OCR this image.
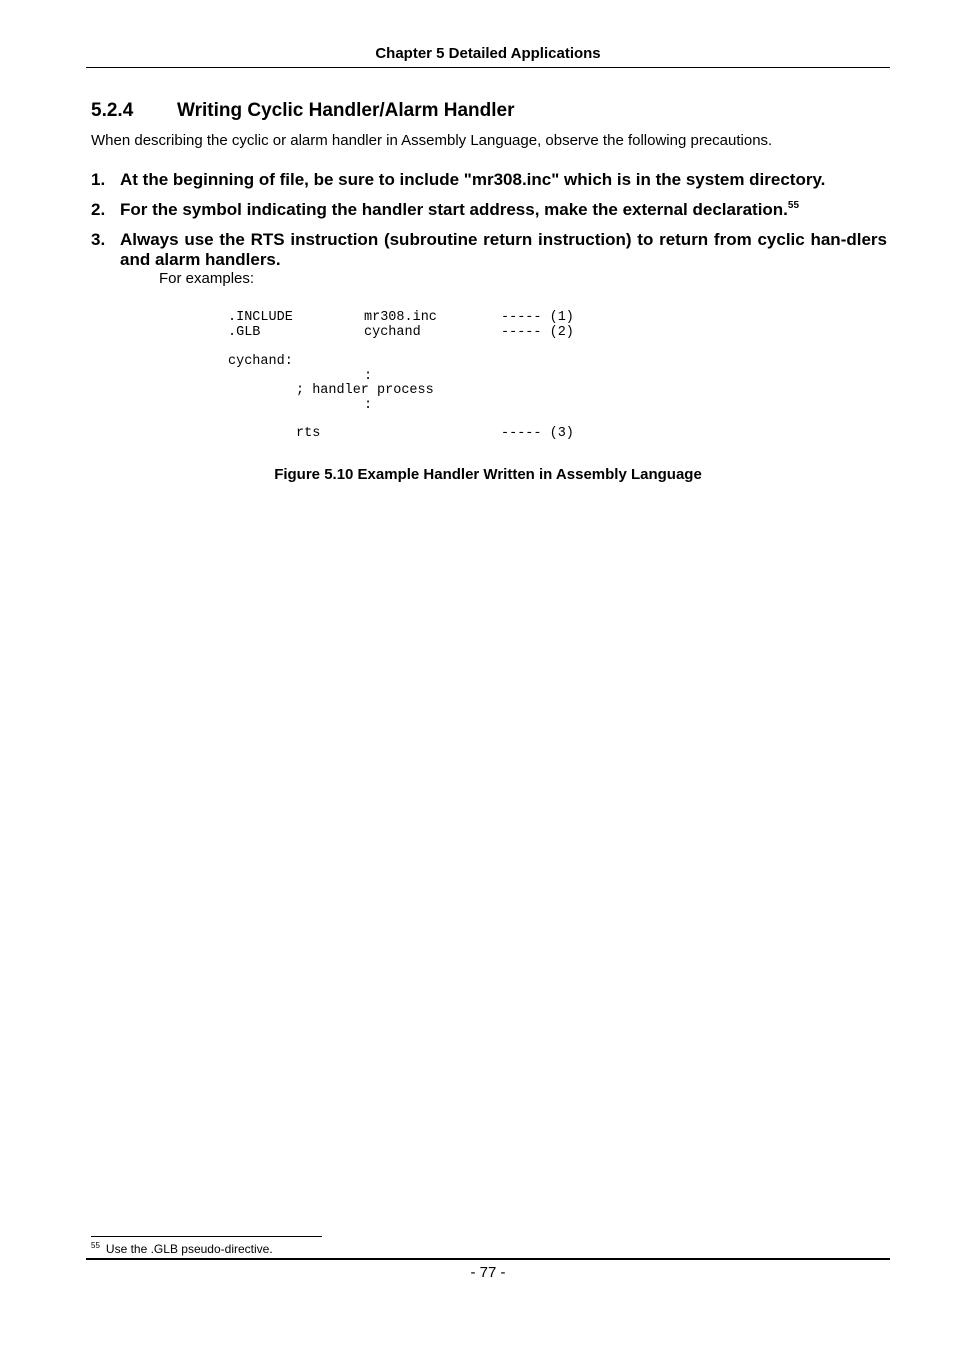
Chapter 5 Detailed Applications
5.2.4 Writing Cyclic Handler/Alarm Handler
When describing the cyclic or alarm handler in Assembly Language, observe the following precautions.
1. At the beginning of file, be sure to include "mr308.inc" which is in the system directory.
2. For the symbol indicating the handler start address, make the external declaration.$^{55}$
3. Always use the RTS instruction (subroutine return instruction) to return from cyclic han-dlers and alarm handlers.
For examples:
.INCLUDE	mr308.inc	----- (1)
.GLB	cychand	----- (2)
cychand:
:
; handler process
:
rts	----- (3)
Figure 5.10 Example Handler Written in Assembly Language
$^{55}$ Use the .GLB pseudo-directive.
- 77 -
